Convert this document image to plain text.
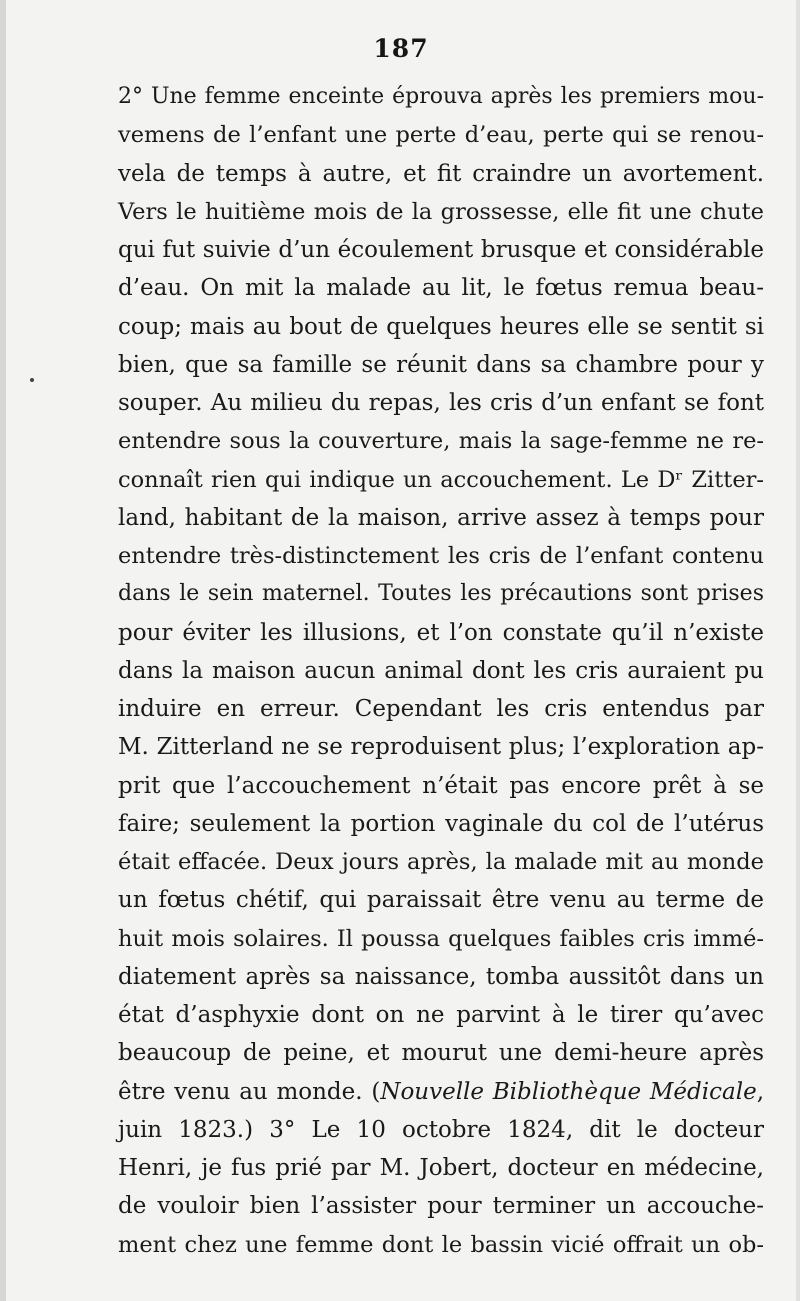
187
2° Une femme enceinte éprouva après les premiers mou-
vemens de l’enfant une perte d’eau, perte qui se renou-
vela de temps à autre, et fit craindre un avortement.
Vers le huitième mois de la grossesse, elle fit une chute
qui fut suivie d’un écoulement brusque et considérable
d’eau. On mit la malade au lit, le fœtus remua beau-
coup; mais au bout de quelques heures elle se sentit si
bien, que sa famille se réunit dans sa chambre pour y
souper. Au milieu du repas, les cris d’un enfant se font
entendre sous la couverture, mais la sage-femme ne re-
connaît rien qui indique un accouchement. Le Dʳ Zitter-
land, habitant de la maison, arrive assez à temps pour
entendre très-distinctement les cris de l’enfant contenu
dans le sein maternel. Toutes les précautions sont prises
pour éviter les illusions, et l’on constate qu’il n’existe
dans la maison aucun animal dont les cris auraient pu
induire en erreur. Cependant les cris entendus par
M. Zitterland ne se reproduisent plus; l’exploration ap-
prit que l’accouchement n’était pas encore prêt à se
faire; seulement la portion vaginale du col de l’utérus
était effacée. Deux jours après, la malade mit au monde
un fœtus chétif, qui paraissait être venu au terme de
huit mois solaires. Il poussa quelques faibles cris immé-
diatement après sa naissance, tomba aussitôt dans un
état d’asphyxie dont on ne parvint à le tirer qu’avec
beaucoup de peine, et mourut une demi-heure après
être venu au monde. (Nouvelle Bibliothèque Médicale,
juin 1823.) 3° Le 10 octobre 1824, dit le docteur
Henri, je fus prié par M. Jobert, docteur en médecine,
de vouloir bien l’assister pour terminer un accouche-
ment chez une femme dont le bassin vicié offrait un ob-
